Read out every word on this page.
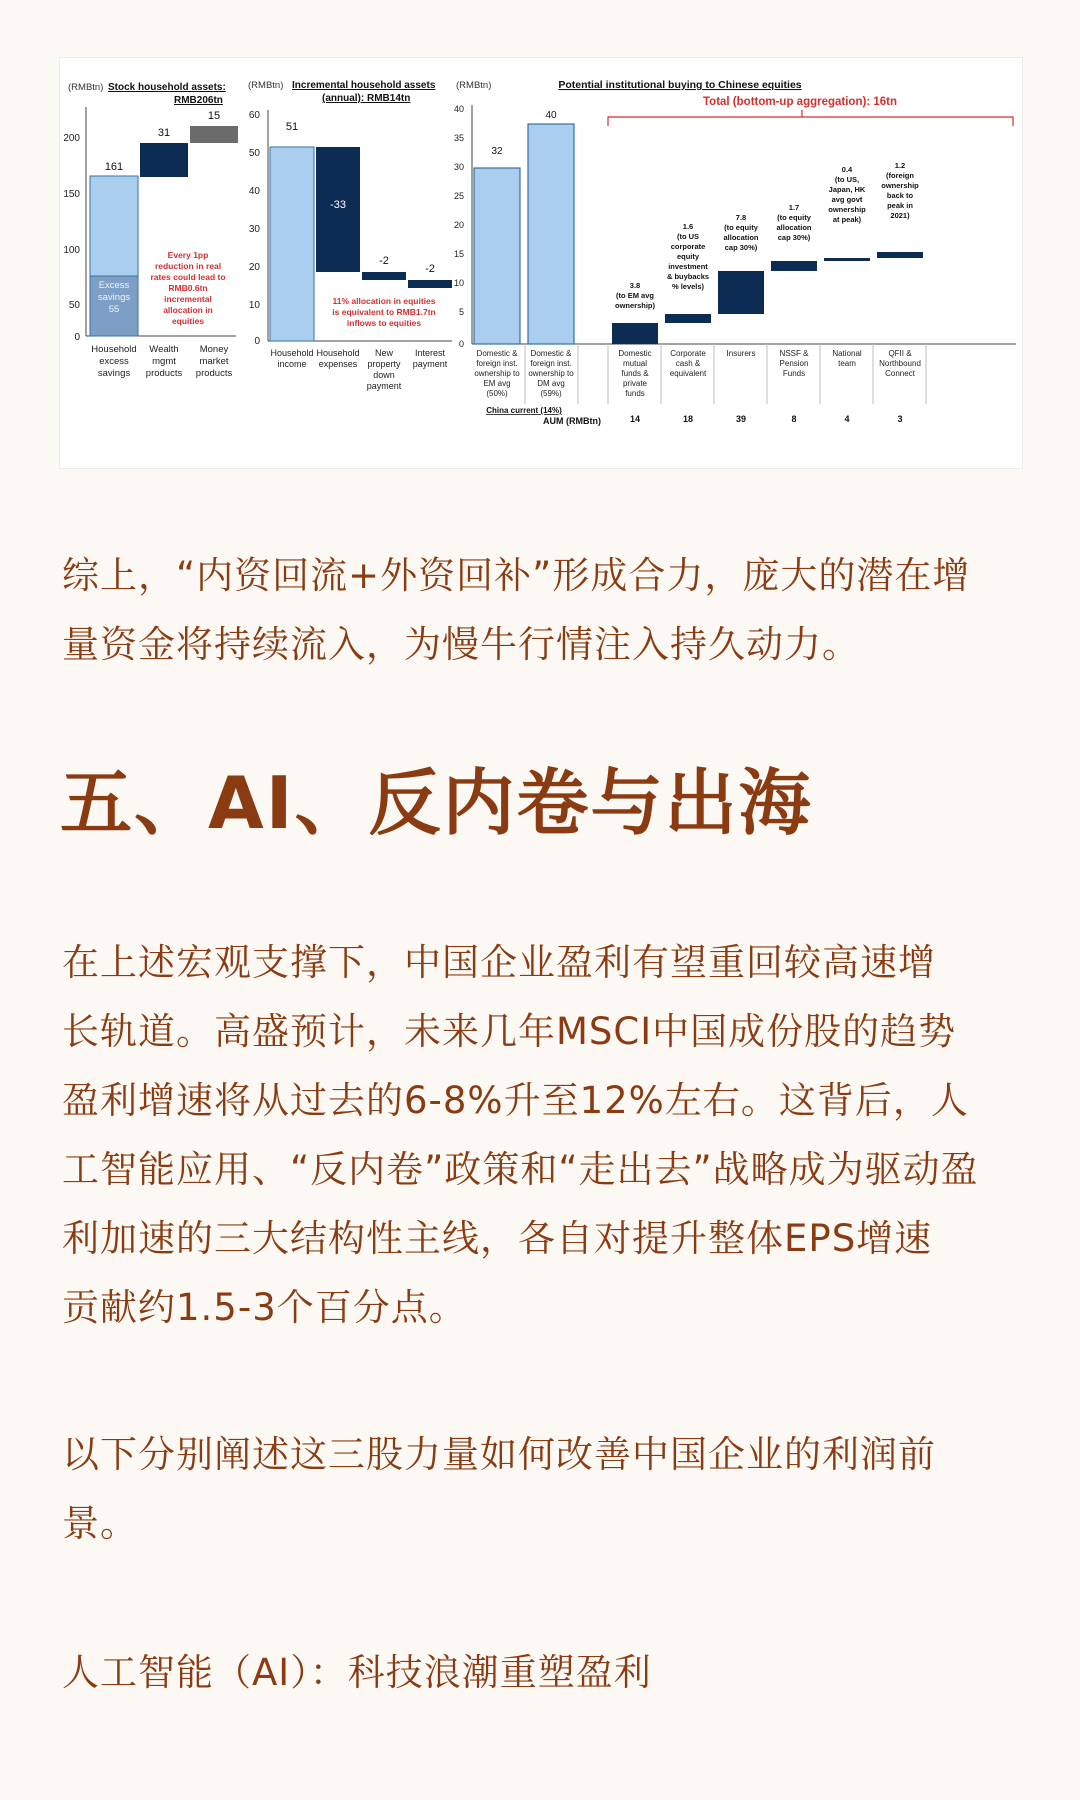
(RMBtn) Stock household assets:
RMB206tn
200
150
100
50
0
161
31
15
Excess
savings
55
Every 1pp
reduction in real
rates could lead to
RMB0.6tn
incremental
allocation in
equities
Household
excess
savings
Wealth
mgmt
products
Money
market
products
(RMBtn) Incremental household assets
(annual): RMB14tn
60
50
40
30
20
10
0
51
-33
-2
-2
11% allocation in equities
is equivalent to RMB1.7tn
inflows to equities
Household
income
Household
expenses
New
property
down
payment
Interest
payment
(RMBtn)	Potential institutional buying to Chinese equities
Total (bottom-up aggregation): 16tn
40
35
30
25
20
15
10
5
0
32
40
3.8
(to EM avg
ownership)
1.6
(to US
corporate
equity
investment
& buybacks
% levels)
7.8
(to equity
allocation
cap 30%)
1.7
(to equity
allocation
cap 30%)
0.4
(to US,
Japan, HK
avg govt
ownership
at peak)
1.2
(foreign
ownership
back to
peak in
2021)
Domestic &
foreign inst.
ownership to
EM avg
(50%)
Domestic &
foreign inst.
ownership to
DM avg
(59%)
China current (14%)
Domestic
mutual
funds &
private
funds
Corporate
cash &
equivalent
Insurers	NSSF &
Pension
Funds
National
team
QFII &
Northbound
Connect
AUM (RMBtn)	14	18	39	8	4	3

综上，“内资回流+外资回补”形成合力，庞大的潜在增
量资金将持续流入，为慢牛行情注入持久动力。

五、AI、反内卷与出海

在上述宏观支撑下，中国企业盈利有望重回较高速增
长轨道。高盛预计，未来几年MSCI中国成份股的趋势
盈利增速将从过去的6-8%升至12%左右。这背后，人
工智能应用、“反内卷”政策和“走出去”战略成为驱动盈
利加速的三大结构性主线，各自对提升整体EPS增速
贡献约1.5-3个百分点。

以下分别阐述这三股力量如何改善中国企业的利润前
景。

人工智能（AI）：科技浪潮重塑盈利
